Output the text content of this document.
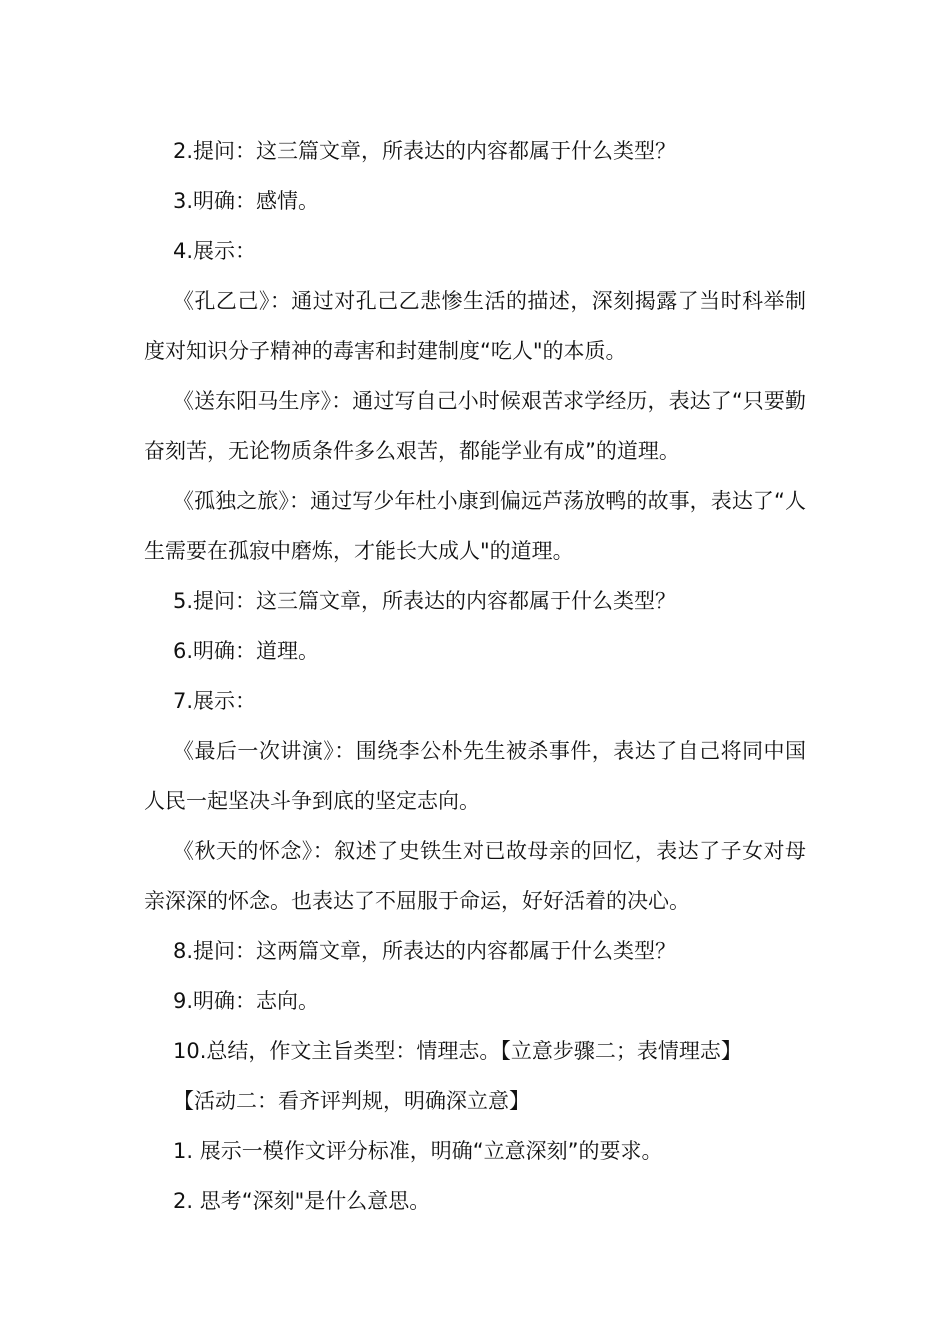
2.提问：这三篇文章，所表达的内容都属于什么类型？

3.明确：感情。

4.展示：

《孔乙己》：通过对孔己乙悲惨生活的描述，深刻揭露了当时科举制度对知识分子精神的毒害和封建制度“吃人"的本质。

《送东阳马生序》：通过写自己小时候艰苦求学经历，表达了“只要勤奋刻苦，无论物质条件多么艰苦，都能学业有成”的道理。

《孤独之旅》：通过写少年杜小康到偏远芦荡放鸭的故事，表达了“人生需要在孤寂中磨炼，才能长大成人"的道理。

5.提问：这三篇文章，所表达的内容都属于什么类型？

6.明确：道理。

7.展示：

《最后一次讲演》：围绕李公朴先生被杀事件，表达了自己将同中国人民一起坚决斗争到底的坚定志向。

《秋天的怀念》：叙述了史铁生对已故母亲的回忆，表达了子女对母亲深深的怀念。也表达了不屈服于命运，好好活着的决心。

8.提问：这两篇文章，所表达的内容都属于什么类型？

9.明确：志向。

10.总结，作文主旨类型：情理志。【立意步骤二；表情理志】

【活动二：看齐评判规，明确深立意】

1. 展示一模作文评分标准，明确“立意深刻”的要求。

2. 思考“深刻"是什么意思。
